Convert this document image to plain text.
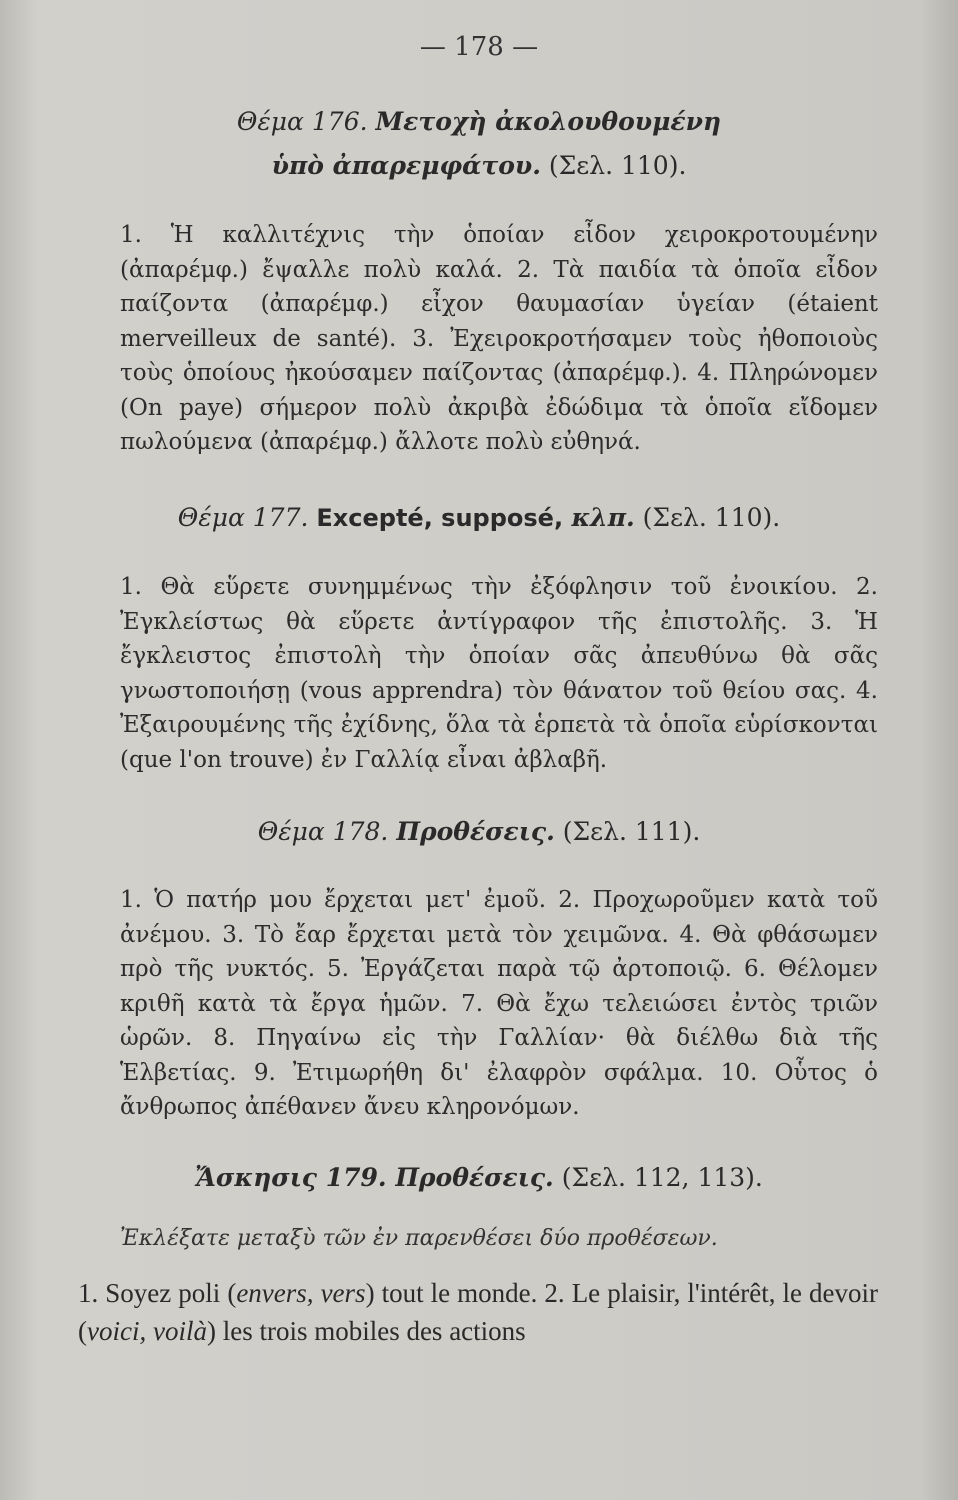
— 178 —
Θέμα 176. Μετοχὴ ἀκολουθουμένη
ὑπὸ ἀπαρεμφάτου. (Σελ. 110).

1. Ἡ καλλιτέχνις τὴν ὁποίαν εἶδον χειροκροτουμένην (ἀπαρέμφ.) ἔψαλλε πολὺ καλά. 2. Τὰ παιδία τὰ ὁποῖα εἶδον παίζοντα (ἀπαρέμφ.) εἶχον θαυμασίαν ὑγείαν (étaient merveilleux de santé). 3. Ἐχειροκροτήσαμεν τοὺς ἠθοποιοὺς τοὺς ὁποίους ἠκούσαμεν παίζοντας (ἀπαρέμφ.). 4. Πληρώνομεν (On paye) σήμερον πολὺ ἀκριβὰ ἐδώδιμα τὰ ὁποῖα εἴδομεν πωλούμενα (ἀπαρέμφ.) ἄλλοτε πολὺ εὐθηνά.

Θέμα 177. Excepté, supposé, κλπ. (Σελ. 110).

1. Θὰ εὕρετε συνημμένως τὴν ἐξόφλησιν τοῦ ἐνοικίου. 2. Ἐγκλείστως θὰ εὕρετε ἀντίγραφον τῆς ἐπιστολῆς. 3. Ἡ ἔγκλειστος ἐπιστολὴ τὴν ὁποίαν σᾶς ἀπευθύνω θὰ σᾶς γνωστοποιήσῃ (vous apprendra) τὸν θάνατον τοῦ θείου σας. 4. Ἐξαιρουμένης τῆς ἐχίδνης, ὅλα τὰ ἑρπετὰ τὰ ὁποῖα εὑρίσκονται (que l'on trouve) ἐν Γαλλίᾳ εἶναι ἀβλαβῆ.

Θέμα 178. Προθέσεις. (Σελ. 111).

1. Ὁ πατήρ μου ἔρχεται μετ' ἐμοῦ. 2. Προχωροῦμεν κατὰ τοῦ ἀνέμου. 3. Τὸ ἔαρ ἔρχεται μετὰ τὸν χειμῶνα. 4. Θὰ φθάσωμεν πρὸ τῆς νυκτός. 5. Ἐργάζεται παρὰ τῷ ἀρτοποιῷ. 6. Θέλομεν κριθῆ κατὰ τὰ ἔργα ἡμῶν. 7. Θὰ ἔχω τελειώσει ἐντὸς τριῶν ὡρῶν. 8. Πηγαίνω εἰς τὴν Γαλλίαν· θὰ διέλθω διὰ τῆς Ἑλβετίας. 9. Ἐτιμωρήθη δι' ἐλαφρὸν σφάλμα. 10. Οὗτος ὁ ἄνθρωπος ἀπέθανεν ἄνευ κληρονόμων.

Ἄσκησις 179. Προθέσεις. (Σελ. 112, 113).
Ἐκλέξατε μεταξὺ τῶν ἐν παρενθέσει δύο προθέσεων.
1. Soyez poli (envers, vers) tout le monde. 2. Le plaisir, l'intérêt, le devoir (voici, voilà) les trois mobiles des actions
